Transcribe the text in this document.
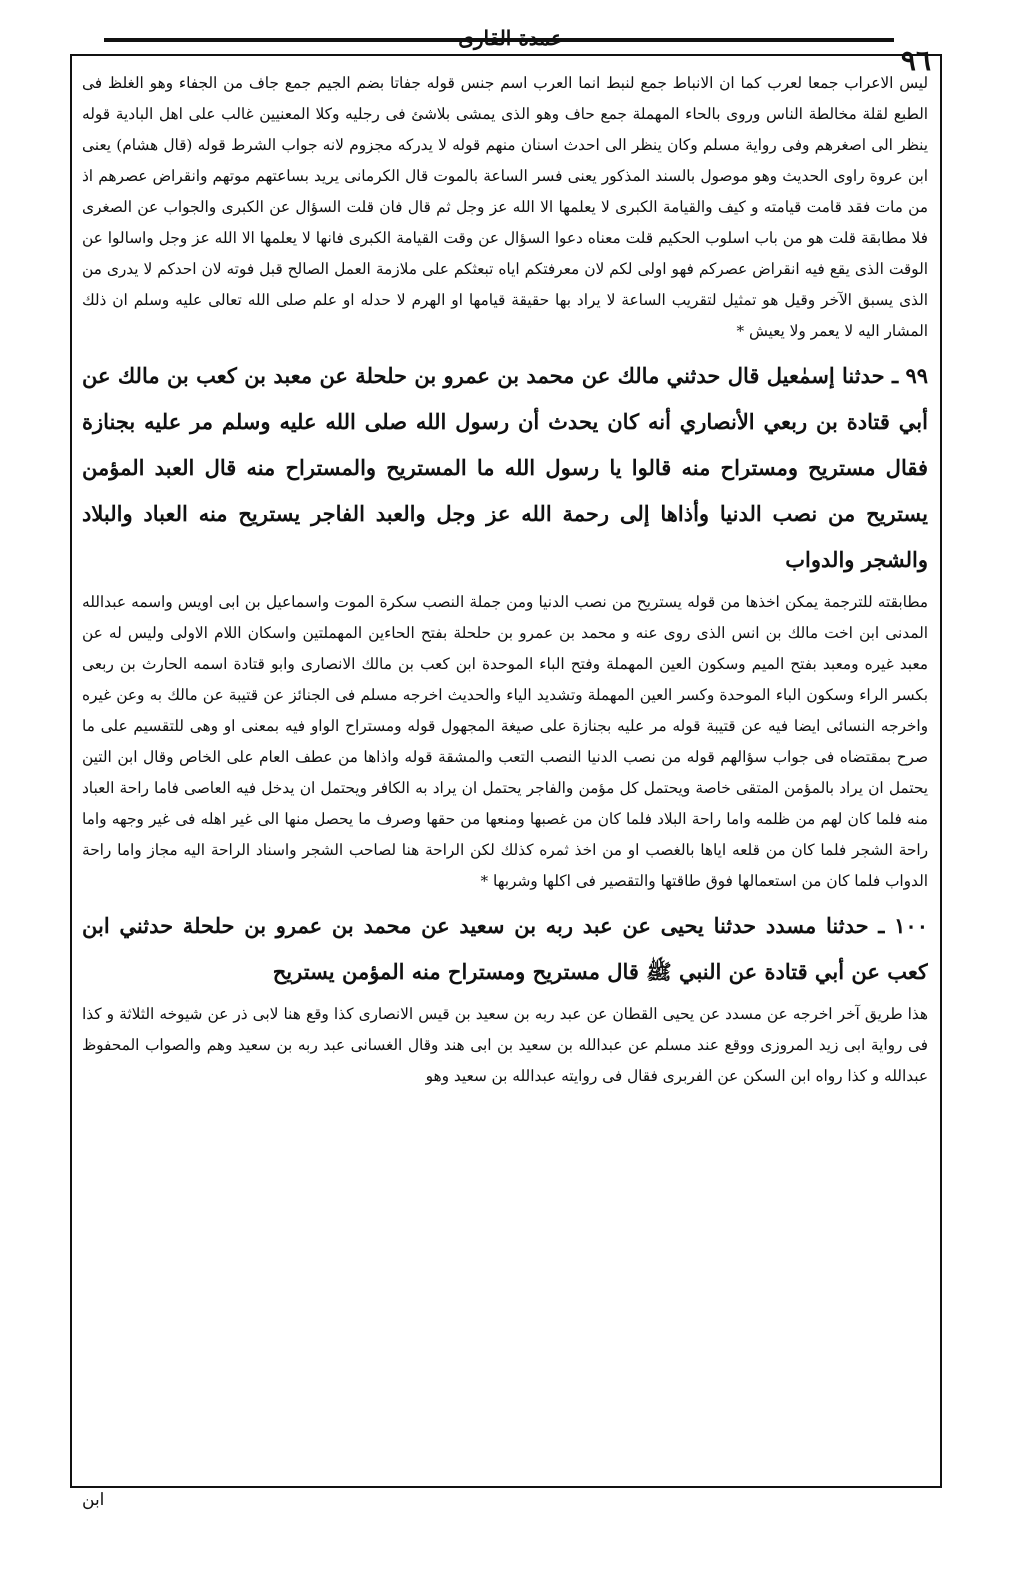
عمدة القارى
٩٦

ليس الاعراب جمعا لعرب كما ان الانباط جمع لنبط انما العرب اسم جنس قوله جفاتا بضم الجيم جمع جاف من الجفاء وهو الغلظ فى الطبع لقلة مخالطة الناس وروى بالحاء المهملة جمع حاف وهو الذى يمشى بلاشئ فى رجليه وكلا المعنيين غالب على اهل البادية قوله ينظر الى اصغرهم وفى رواية مسلم وكان ينظر الى احدث اسنان منهم قوله لا يدركه مجزوم لانه جواب الشرط قوله (قال هشام) يعنى ابن عروة راوى الحديث وهو موصول بالسند المذكور يعنى فسر الساعة بالموت قال الكرمانى يريد بساعتهم موتهم وانقراض عصرهم اذ من مات فقد قامت قيامته و كيف والقيامة الكبرى لا يعلمها الا الله عز وجل ثم قال فان قلت السؤال عن الكبرى والجواب عن الصغرى فلا مطابقة قلت هو من باب اسلوب الحكيم قلت معناه دعوا السؤال عن وقت القيامة الكبرى فانها لا يعلمها الا الله عز وجل واسالوا عن الوقت الذى يقع فيه انقراض عصركم فهو اولى لكم لان معرفتكم اياه تبعثكم على ملازمة العمل الصالح قبل فوته لان احدكم لا يدرى من الذى يسبق الآخر وقيل هو تمثيل لتقريب الساعة لا يراد بها حقيقة قيامها او الهرم لا حدله او علم صلى الله تعالى عليه وسلم ان ذلك المشار اليه لا يعمر ولا يعيش *

٩٩ ـ حدثنا إسمٰعيل قال حدثني مالك عن محمد بن عمرو بن حلحلة عن معبد بن كعب بن مالك عن أبي قتادة بن ربعي الأنصاري أنه كان يحدث أن رسول الله صلى الله عليه وسلم مر عليه بجنازة فقال مستريح ومستراح منه قالوا يا رسول الله ما المستريح والمستراح منه قال العبد المؤمن يستريح من نصب الدنيا وأذاها إلى رحمة الله عز وجل والعبد الفاجر يستريح منه العباد والبلاد والشجر والدواب

مطابقته للترجمة يمكن اخذها من قوله يستريح من نصب الدنيا ومن جملة النصب سكرة الموت واسماعيل بن ابى اويس واسمه عبدالله المدنى ابن اخت مالك بن انس الذى روى عنه و محمد بن عمرو بن حلحلة بفتح الحاءين المهملتين واسكان اللام الاولى وليس له عن معبد غيره ومعبد بفتح الميم وسكون العين المهملة وفتح الباء الموحدة ابن كعب بن مالك الانصارى وابو قتادة اسمه الحارث بن ربعى بكسر الراء وسكون الباء الموحدة وكسر العين المهملة وتشديد الياء والحديث اخرجه مسلم فى الجنائز عن قتيبة عن مالك به وعن غيره واخرجه النسائى ايضا فيه عن قتيبة قوله مر عليه بجنازة على صيغة المجهول قوله ومستراح الواو فيه بمعنى او وهى للتقسيم على ما صرح بمقتضاه فى جواب سؤالهم قوله من نصب الدنيا النصب التعب والمشقة قوله واذاها من عطف العام على الخاص وقال ابن التين يحتمل ان يراد بالمؤمن المتقى خاصة ويحتمل كل مؤمن والفاجر يحتمل ان يراد به الكافر ويحتمل ان يدخل فيه العاصى فاما راحة العباد منه فلما كان لهم من ظلمه واما راحة البلاد فلما كان من غصبها ومنعها من حقها وصرف ما يحصل منها الى غير اهله فى غير وجهه واما راحة الشجر فلما كان من قلعه اياها بالغصب او من اخذ ثمره كذلك لكن الراحة هنا لصاحب الشجر واسناد الراحة اليه مجاز واما راحة الدواب فلما كان من استعمالها فوق طاقتها والتقصير فى اكلها وشربها *

١٠٠ ـ حدثنا مسدد حدثنا يحيى عن عبد ربه بن سعيد عن محمد بن عمرو بن حلحلة حدثني ابن كعب عن أبي قتادة عن النبي ﷺ قال مستريح ومستراح منه المؤمن يستريح

هذا طريق آخر اخرجه عن مسدد عن يحيى القطان عن عبد ربه بن سعيد بن قيس الانصارى كذا وقع هنا لابى ذر عن شيوخه الثلاثة و كذا فى رواية ابى زيد المروزى ووقع عند مسلم عن عبدالله بن سعيد بن ابى هند وقال الغسانى عبد ربه بن سعيد وهم والصواب المحفوظ عبدالله و كذا رواه ابن السكن عن الفربرى فقال فى روايته عبدالله بن سعيد وهو

ابن
